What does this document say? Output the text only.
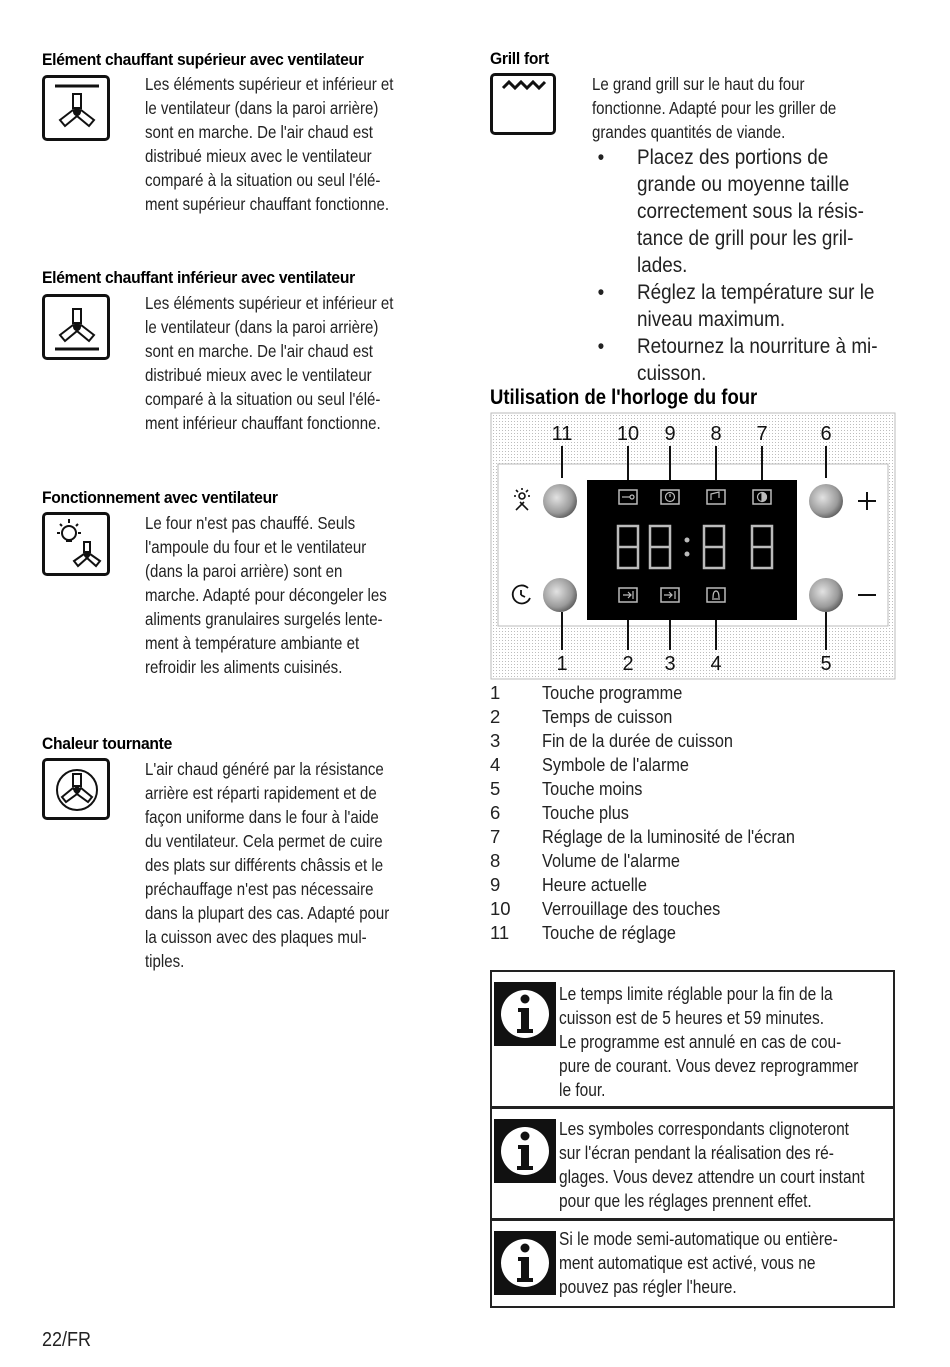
Elément chauffant supérieur avec ventilateur
Les éléments supérieur et inférieur et
le ventilateur (dans la paroi arrière)
sont en marche. De l'air chaud est
distribué mieux avec le ventilateur
comparé à la situation ou seul l'élé-
ment supérieur chauffant fonctionne.
Elément chauffant inférieur avec ventilateur
Les éléments supérieur et inférieur et
le ventilateur (dans la paroi arrière)
sont en marche. De l'air chaud est
distribué mieux avec le ventilateur
comparé à la situation ou seul l'élé-
ment inférieur chauffant fonctionne.
Fonctionnement avec ventilateur
Le four n'est pas chauffé. Seuls
l'ampoule du four et le ventilateur
(dans la paroi arrière) sont en
marche. Adapté pour décongeler les
aliments granulaires surgelés lente-
ment à température ambiante et
refroidir les aliments cuisinés.
Chaleur tournante
L'air chaud généré par la résistance
arrière est réparti rapidement et de
façon uniforme dans le four à l'aide
du ventilateur. Cela permet de cuire
des plats sur différents châssis et le
préchauffage n'est pas nécessaire
dans la plupart des cas. Adapté pour
la cuisson avec des plaques mul-
tiples.
Grill fort
Le grand grill sur le haut du four
fonctionne. Adapté pour les griller de
grandes quantités de viande.
• Placez des portions de
grande ou moyenne taille
correctement sous la résis-
tance de grill pour les gril-
lades.
• Réglez la température sur le
niveau maximum.
• Retournez la nourriture à mi-
cuisson.
Utilisation de l'horloge du four
11 10 9 8 7	6
1	2 3 4	5
1	Touche programme
2	Temps de cuisson
3	Fin de la durée de cuisson
4	Symbole de l'alarme
5	Touche moins
6	Touche plus
7	Réglage de la luminosité de l'écran
8	Volume de l'alarme
9	Heure actuelle
10	Verrouillage des touches
11	Touche de réglage
Le temps limite réglable pour la fin de la
cuisson est de 5 heures et 59 minutes.
Le programme est annulé en cas de cou-
pure de courant. Vous devez reprogrammer
le four.
Les symboles correspondants clignoteront
sur l'écran pendant la réalisation des ré-
glages. Vous devez attendre un court instant
pour que les réglages prennent effet.
Si le mode semi-automatique ou entière-
ment automatique est activé, vous ne
pouvez pas régler l'heure.
22/FR
